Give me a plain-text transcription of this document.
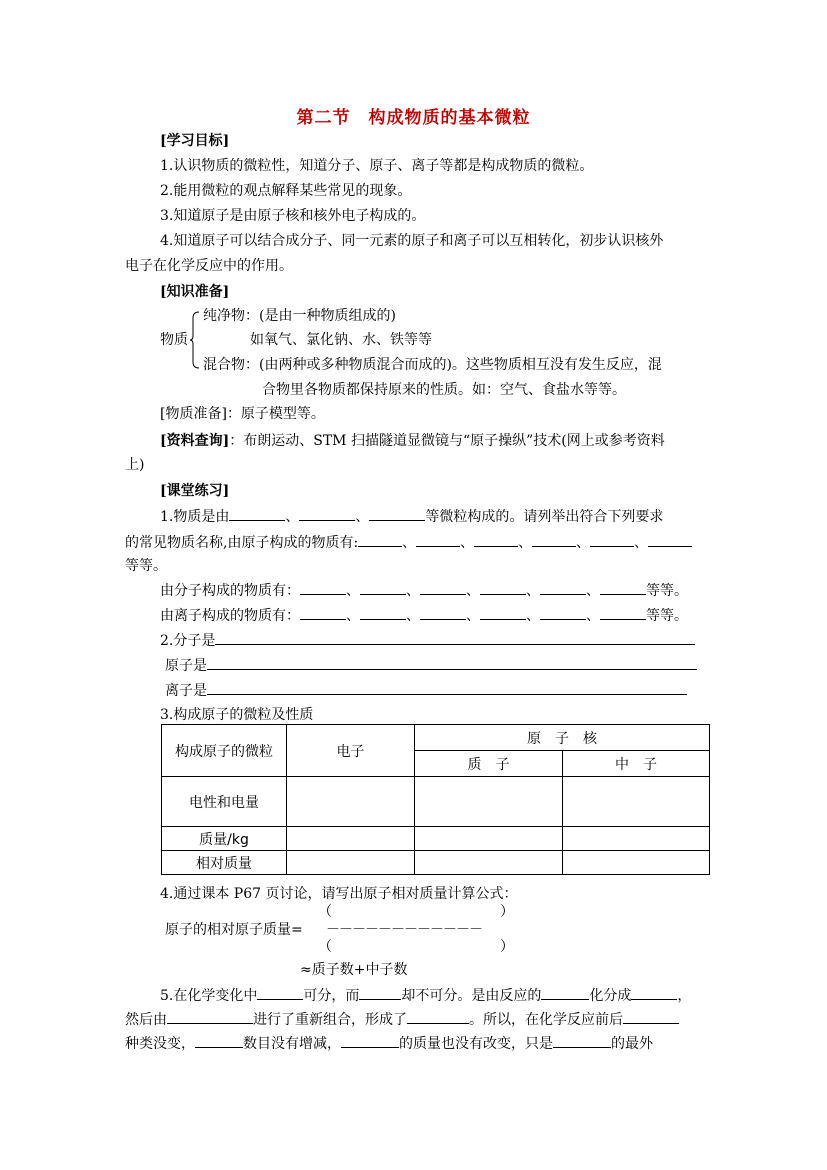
第二节　构成物质的基本微粒
[学习目标]
1.认识物质的微粒性，知道分子、原子、离子等都是构成物质的微粒。
2.能用微粒的观点解释某些常见的现象。
3.知道原子是由原子核和核外电子构成的。
4.知道原子可以结合成分子、同一元素的原子和离子可以互相转化，初步认识核外
电子在化学反应中的作用。
[知识准备]
纯净物：(是由一种物质组成的)
如氧气、氯化钠、水、铁等等
物质
混合物：(由两种或多种物质混合而成的)。这些物质相互没有发生反应，混
合物里各物质都保持原来的性质。如：空气、食盐水等等。
[物质准备]：原子模型等。
[资料查询]：布朗运动、STM 扫描隧道显微镜与“原子操纵”技术(网上或参考资料
上)
[课堂练习]
1.物质是由	、	、	等微粒构成的。请列举出符合下列要求
的常见物质名称,由原子构成的物质有:	、	、	、	、	、
等等。
由分子构成的物质有：	、	、	、	、	、	等等。
由离子构成的物质有：	、	、	、	、	、	等等。
2.分子是
原子是
离子是
3.构成原子的微粒及性质
构成原子的微粒	电子	原　子　核	
		质　子	中　子
电性和电量			
质量/kg			
相对质量			
4.通过课本 P67 页讨论，请写出原子相对质量计算公式：
原子的相对原子质量=
（　　　　　　　　　　　　）
－－－－－－－－－－－－
（　　　　　　　　　　　　）
≈质子数+中子数
5.在化学变化中	可分，而	却不可分。是由反应的	化分成	，
然后由	进行了重新组合，形成了	。所以，在化学反应前后
种类没变，	数目没有增减，	的质量也没有改变，只是	的最外
